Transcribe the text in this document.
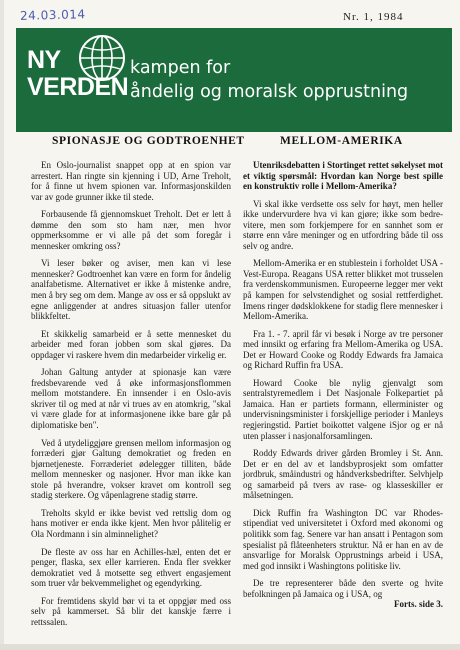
24.03.014	Nr. 1, 1984
NY
VERDEN
kampen for
åndelig og moralsk opprustning
SPIONASJE OG GODTROENHET	MELLOM-AMERIKA

En Oslo-journalist snappet opp at en spion var arrestert. Han ringte sin kjenning i UD, Arne Treholt, for å finne ut hvem spionen var. Informasjonskilden var av gode grunner ikke til stede.

Forbausende få gjennomskuet Treholt. Det er lett å dømme den som sto ham nær, men hvor oppmerksomme er vi alle på det som foregår i mennesker omkring oss?

Vi leser bøker og aviser, men kan vi lese mennesker? Godtroenhet kan være en form for åndelig analfabetisme. Alternativet er ikke å mistenke andre, men å bry seg om dem. Mange av oss er så oppslukt av egne anliggender at andres situasjon faller utenfor blikkfeltet.

Et skikkelig samarbeid er å sette mennesket du arbeider med foran jobben som skal gjøres. Da oppdager vi raskere hvem din medarbeider virkelig er.

Johan Galtung antyder at spionasje kan være fredsbevarende ved å øke informasjonsflommen mellom motstandere. En innsender i en Oslo-avis skriver til og med at når vi trues av en atomkrig, "skal vi være glade for at informasjonene ikke bare går på diplomatiske ben".

Ved å utydeliggjøre grensen mellom informasjon og forræderi gjør Galtung demokratiet og freden en bjørnetjeneste. Forræderiet ødelegger tilliten, både mellom mennesker og nasjoner. Hvor man ikke kan stole på hverandre, vokser kravet om kontroll seg stadig sterkere. Og våpenlagrene stadig større.

Treholts skyld er ikke bevist ved rettslig dom og hans motiver er enda ikke kjent. Men hvor pålitelig er Ola Nordmann i sin alminnelighet?

De fleste av oss har en Achilles-hæl, enten det er penger, flaska, sex eller karrieren. Enda fler svekker demokratiet ved å motsette seg ethvert engasjement som truer vår bekvemmelighet og egendyrking.

For fremtidens skyld bør vi ta et oppgjør med oss selv på kammerset. Så blir det kanskje færre i rettssalen.

Utenriksdebatten i Stortinget rettet søkelyset mot et viktig spørsmål: Hvordan kan Norge best spille en konstruktiv rolle i Mellom-Amerika?

Vi skal ikke verdsette oss selv for høyt, men heller ikke undervurdere hva vi kan gjøre; ikke som bedre-vitere, men som forkjempere for en sannhet som er større enn våre meninger og en utfordring både til oss selv og andre.

Mellom-Amerika er en stublestein i forholdet USA - Vest-Europa. Reagans USA retter blikket mot trusselen fra verdenskommunismen. Europeerne legger mer vekt på kampen for selvstendighet og sosial rettferdighet. Imens ringer dødsklokkene for stadig flere mennesker i Mellom-Amerika.

Fra 1. - 7. april får vi besøk i Norge av tre personer med innsikt og erfaring fra Mellom-Amerika og USA. Det er Howard Cooke og Roddy Edwards fra Jamaica og Richard Ruffin fra USA.

Howard Cooke ble nylig gjenvalgt som sentralstyremedlem i Det Nasjonale Folkepartiet på Jamaica. Han er partiets formann, ellerminister og undervisningsminister i forskjellige perioder i Manleys regjeringstid. Partiet boikottet valgene iSjor og er nå uten plasser i nasjonalforsamlingen.

Roddy Edwards driver gården Bromley i St. Ann. Det er en del av et landsbyprosjekt som omfatter jordbruk, småindustri og håndverksbedrifter. Selvhjelp og samarbeid på tvers av rase- og klasseskiller er målsetningen.

Dick Ruffin fra Washington DC var Rhodes-stipendiat ved universitetet i Oxford med økonomi og politikk som fag. Senere var han ansatt i Pentagon som spesialist på flåteenheters struktur. Nå er han en av de ansvarlige for Moralsk Opprustnings arbeid i USA, med god innsikt i Washingtons politiske liv.

De tre representerer både den sverte og hvite befolkningen på Jamaica og i USA, og

Forts. side 3.
